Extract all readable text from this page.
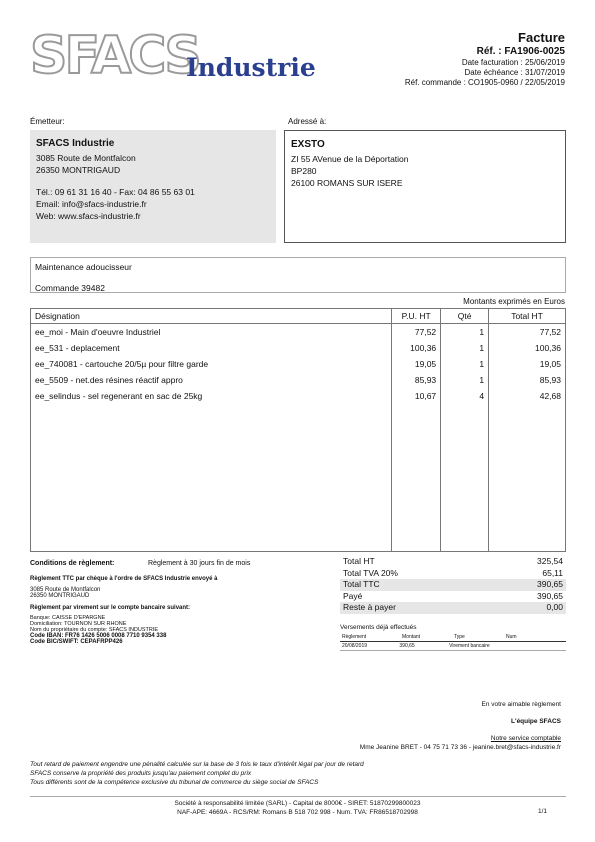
SFACS
Industrie
Facture
Réf. : FA1906-0025
Date facturation : 25/06/2019
Date échéance : 31/07/2019
Réf. commande : CO1905-0960 / 22/05/2019
Émetteur:
SFACS Industrie
3085 Route de Montfalcon
26350 MONTRIGAUD
Tél.: 09 61 31 16 40 - Fax: 04 86 55 63 01
Email: info@sfacs-industrie.fr
Web: www.sfacs-industrie.fr
Adressé à:
EXSTO
ZI 55 AVenue de la Déportation
BP280
26100 ROMANS SUR ISERE
Maintenance adoucisseur
Commande 39482
Montants exprimés en Euros
Désignation	P.U. HT	Qté	Total HT
ee_moi - Main d'oeuvre Industriel	77,52	1	77,52
ee_531 - deplacement	100,36	1	100,36
ee_740081 - cartouche 20/5µ pour filtre garde	19,05	1	19,05
ee_5509 - net.des résines réactif appro	85,93	1	85,93
ee_selindus - sel regenerant en sac de 25kg	10,67	4	42,68

Conditions de règlement:	Règlement à 30 jours fin de mois
Règlement TTC par chèque à l'ordre de SFACS Industrie envoyé à
3085 Route de Montfalcon
26350 MONTRIGAUD
Règlement par virement sur le compte bancaire suivant:
Banque: CAISSE D'EPARGNE
Domiciliation: TOURNON SUR RHONE
Nom du propriétaire du compte: SFACS INDUSTRIE
Code IBAN: FR76 1426 5006 0008 7710 9354 338
Code BIC/SWIFT: CEPAFRPP426
Total HT	325,54
Total TVA 20%	65,11
Total TTC	390,65
Payé	390,65
Reste à payer	0,00
Versements déjà effectués
Règlement	Montant	Type	Num
20/08/2019	390,65	Virement bancaire
En votre aimable règlement
L'équipe SFACS
Notre service comptable
Mme Jeanine BRET - 04 75 71 73 36 - jeanine.bret@sfacs-industrie.fr
Tout retard de paiement engendre une pénalité calculée sur la base de 3 fois le taux d'intérêt légal par jour de retard
SFACS conserve la propriété des produits jusqu'au paiement complet du prix
Tous différents sont de la compétence exclusive du tribunal de commerce du siège social de SFACS
Société à responsabilité limitée (SARL) - Capital de 8000€ - SIRET: 51870299800023
NAF-APE: 4669A - RCS/RM: Romans B 518 702 998 - Num. TVA: FR86518702998	1/1
